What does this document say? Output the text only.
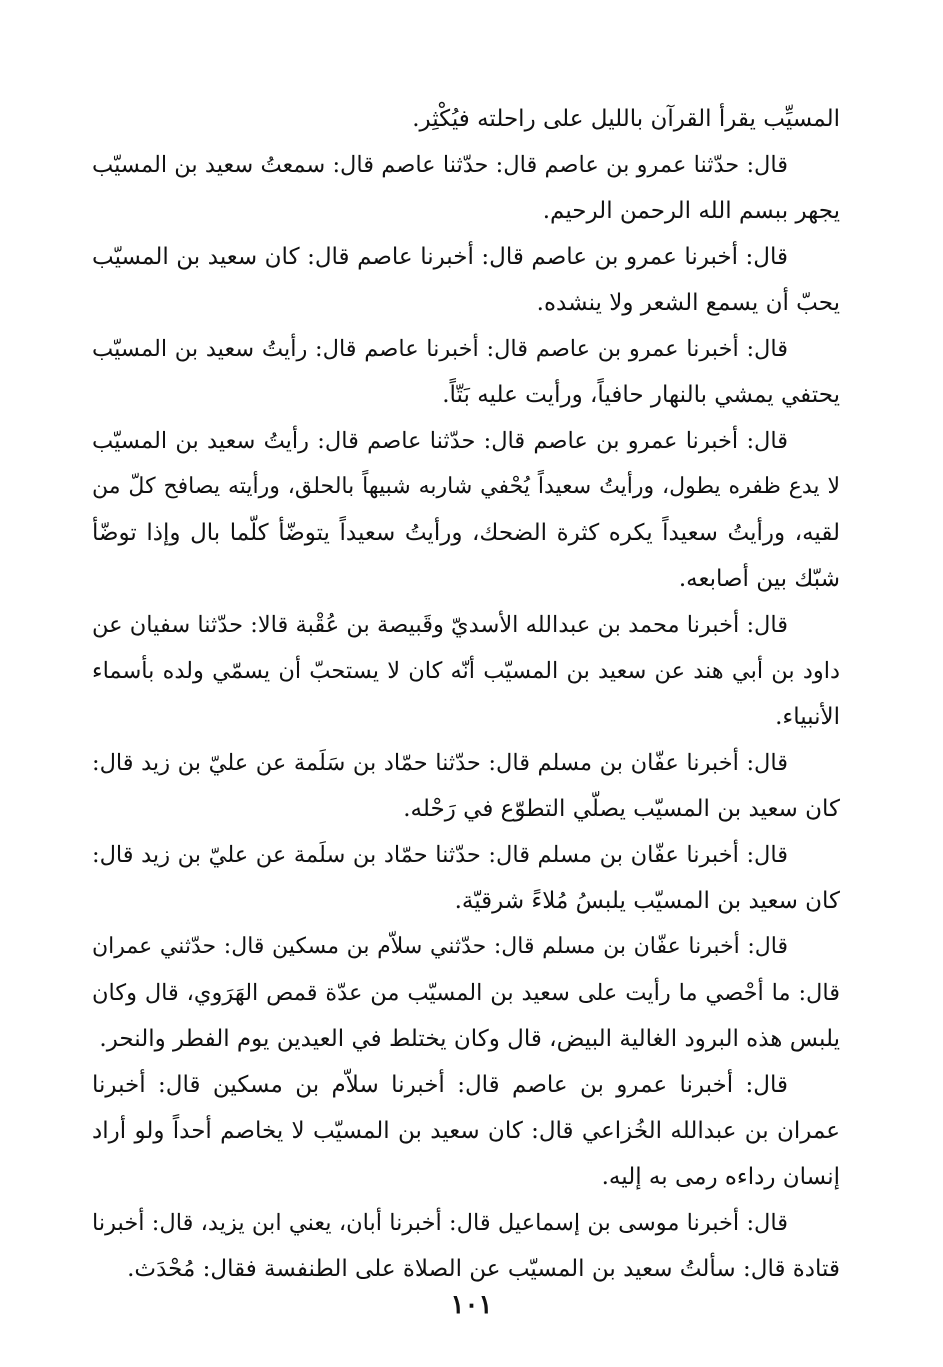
المسيِّب يقرأ القرآن بالليل على راحلته فيُكْثِر.
قال: حدّثنا عمرو بن عاصم قال: حدّثنا عاصم قال: سمعتُ سعيد بن المسيّب
يجهر ببسم الله الرحمن الرحيم.
قال: أخبرنا عمرو بن عاصم قال: أخبرنا عاصم قال: كان سعيد بن المسيّب
يحبّ أن يسمع الشعر ولا ينشده.
قال: أخبرنا عمرو بن عاصم قال: أخبرنا عاصم قال: رأيتُ سعيد بن المسيّب
يحتفي يمشي بالنهار حافياً، ورأيت عليه بَتّاً.
قال: أخبرنا عمرو بن عاصم قال: حدّثنا عاصم قال: رأيتُ سعيد بن المسيّب
لا يدع ظفره يطول، ورأيتُ سعيداً يُحْفي شاربه شبيهاً بالحلق، ورأيته يصافح كلّ من
لقيه، ورأيتُ سعيداً يكره كثرة الضحك، ورأيتُ سعيداً يتوضّأ كلّما بال وإذا توضّأ
شبّك بين أصابعه.
قال: أخبرنا محمد بن عبدالله الأسديّ وقَبيصة بن عُقْبة قالا: حدّثنا سفيان عن
داود بن أبي هند عن سعيد بن المسيّب أنّه كان لا يستحبّ أن يسمّي ولده بأسماء
الأنبياء.
قال: أخبرنا عفّان بن مسلم قال: حدّثنا حمّاد بن سَلَمة عن عليّ بن زيد قال:
كان سعيد بن المسيّب يصلّي التطوّع في رَحْله.
قال: أخبرنا عفّان بن مسلم قال: حدّثنا حمّاد بن سلَمة عن عليّ بن زيد قال:
كان سعيد بن المسيّب يلبسُ مُلاءً شرقيّة.
قال: أخبرنا عفّان بن مسلم قال: حدّثني سلاّم بن مسكين قال: حدّثني عمران
قال: ما أحْصي ما رأيت على سعيد بن المسيّب من عدّة قمص الهَرَوي، قال وكان
يلبس هذه البرود الغالية البيض، قال وكان يختلط في العيدين يوم الفطر والنحر.
قال: أخبرنا عمرو بن عاصم قال: أخبرنا سلاّم بن مسكين قال: أخبرنا
عمران بن عبدالله الخُزاعي قال: كان سعيد بن المسيّب لا يخاصم أحداً ولو أراد
إنسان رداءه رمى به إليه.
قال: أخبرنا موسى بن إسماعيل قال: أخبرنا أبان، يعني ابن يزيد، قال: أخبرنا
قتادة قال: سألتُ سعيد بن المسيّب عن الصلاة على الطنفسة فقال: مُحْدَث.
١٠١
